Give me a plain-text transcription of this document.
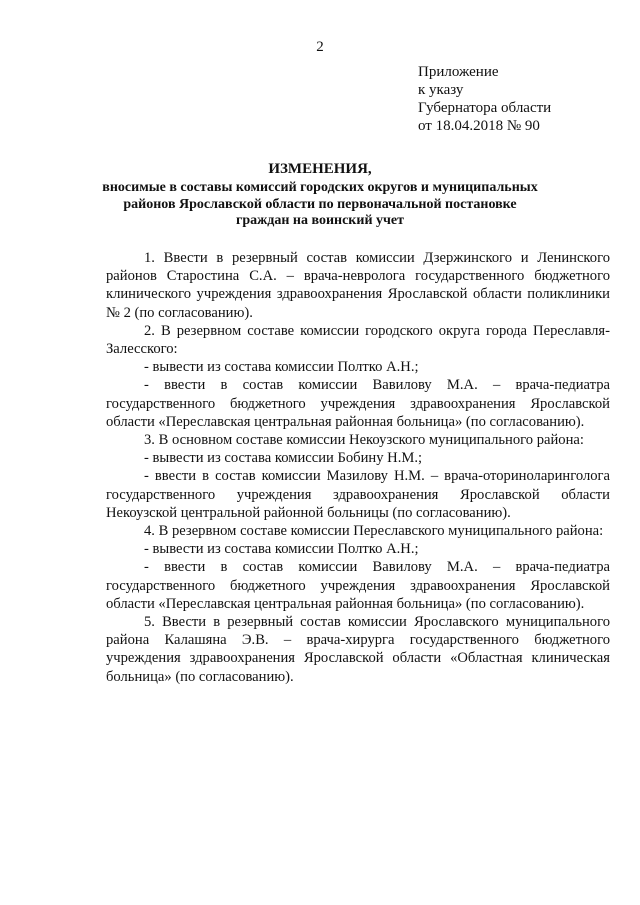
2
Приложение
к указу
Губернатора области
от 18.04.2018 № 90
ИЗМЕНЕНИЯ,
вносимые в составы комиссий городских округов и муниципальных районов Ярославской области по первоначальной постановке граждан на воинский учет

1. Ввести в резервный состав комиссии Дзержинского и Ленинского районов Старостина С.А. – врача-невролога государственного бюджетного клинического учреждения здравоохранения Ярославской области поликлиники № 2 (по согласованию).

2. В резервном составе комиссии городского округа города Переславля-Залесского:

- вывести из состава комиссии Полтко А.Н.;

- ввести в состав комиссии Вавилову М.А. – врача-педиатра государственного бюджетного учреждения здравоохранения Ярославской области «Переславская центральная районная больница» (по согласованию).

3. В основном составе комиссии Некоузского муниципального района:

- вывести из состава комиссии Бобину Н.М.;

- ввести в состав комиссии Мазилову Н.М. – врача-оториноларинголога государственного учреждения здравоохранения Ярославской области Некоузской центральной районной больницы (по согласованию).

4. В резервном составе комиссии Переславского муниципального района:

- вывести из состава комиссии Полтко А.Н.;

- ввести в состав комиссии Вавилову М.А. – врача-педиатра государственного бюджетного учреждения здравоохранения Ярославской области «Переславская центральная районная больница» (по согласованию).

5. Ввести в резервный состав комиссии Ярославского муниципального района Калашяна Э.В. – врача-хирурга государственного бюджетного учреждения здравоохранения Ярославской области «Областная клиническая больница» (по согласованию).
